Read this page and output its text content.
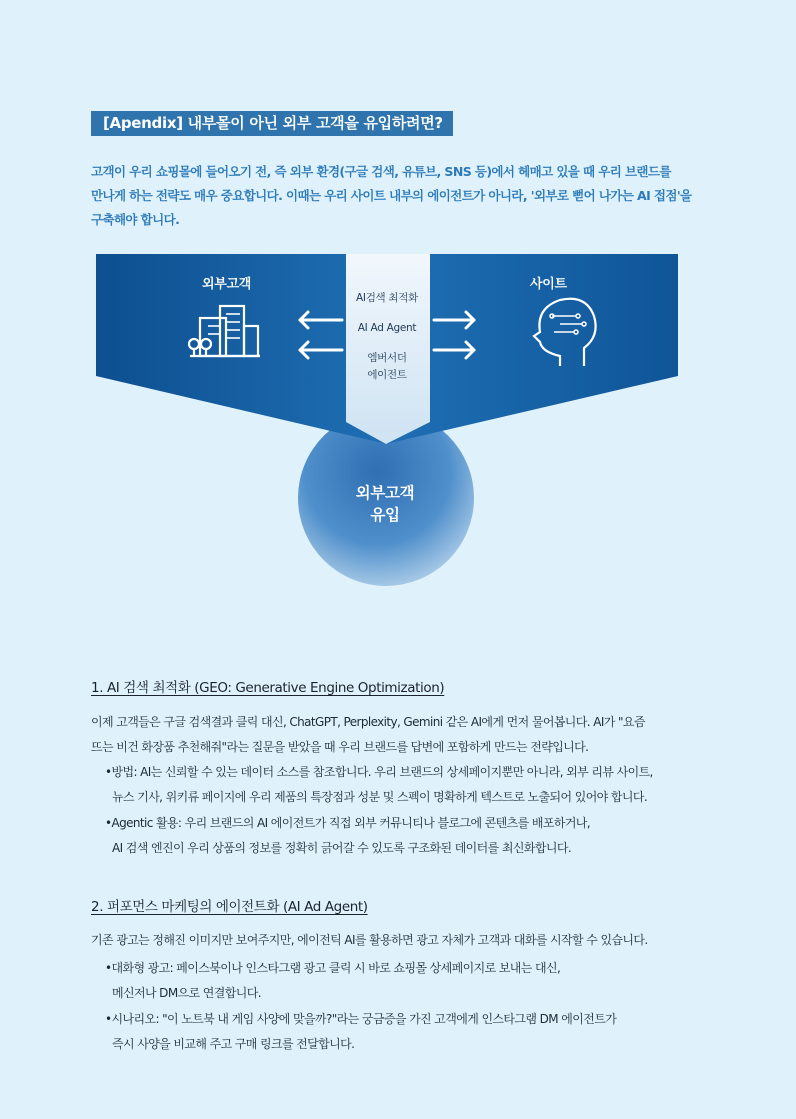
[Apendix] 내부몰이 아닌 외부 고객을 유입하려면?

고객이 우리 쇼핑몰에 들어오기 전, 즉 외부 환경(구글 검색, 유튜브, SNS 등)에서 헤매고 있을 때 우리 브랜드를
만나게 하는 전략도 매우 중요합니다. 이때는 우리 사이트 내부의 에이전트가 아니라, '외부로 뻗어 나가는 AI 접점'을
구축해야 합니다.

외부고객	사이트
AI검색 최적화
AI Ad Agent
엠버서더
에이전트
외부고객
유입
1. AI 검색 최적화 (GEO: Generative Engine Optimization)

이제 고객들은 구글 검색결과 클릭 대신, ChatGPT, Perplexity, Gemini 같은 AI에게 먼저 물어봅니다. AI가 "요즘
뜨는 비건 화장품 추천해줘"라는 질문을 받았을 때 우리 브랜드를 답변에 포함하게 만드는 전략입니다.

•방법: AI는 신뢰할 수 있는 데이터 소스를 참조합니다. 우리 브랜드의 상세페이지뿐만 아니라, 외부 리뷰 사이트,
뉴스 기사, 위키류 페이지에 우리 제품의 특장점과 성분 및 스펙이 명확하게 텍스트로 노출되어 있어야 합니다.

•Agentic 활용: 우리 브랜드의 AI 에이전트가 직접 외부 커뮤니티나 블로그에 콘텐츠를 배포하거나,
AI 검색 엔진이 우리 상품의 정보를 정확히 긁어갈 수 있도록 구조화된 데이터를 최신화합니다.

2. 퍼포먼스 마케팅의 에이전트화 (AI Ad Agent)

기존 광고는 정해진 이미지만 보여주지만, 에이전틱 AI를 활용하면 광고 자체가 고객과 대화를 시작할 수 있습니다.

•대화형 광고: 페이스북이나 인스타그램 광고 클릭 시 바로 쇼핑몰 상세페이지로 보내는 대신,
메신저나 DM으로 연결합니다.

•시나리오: "이 노트북 내 게임 사양에 맞을까?"라는 궁금증을 가진 고객에게 인스타그램 DM 에이전트가
즉시 사양을 비교해 주고 구매 링크를 전달합니다.
